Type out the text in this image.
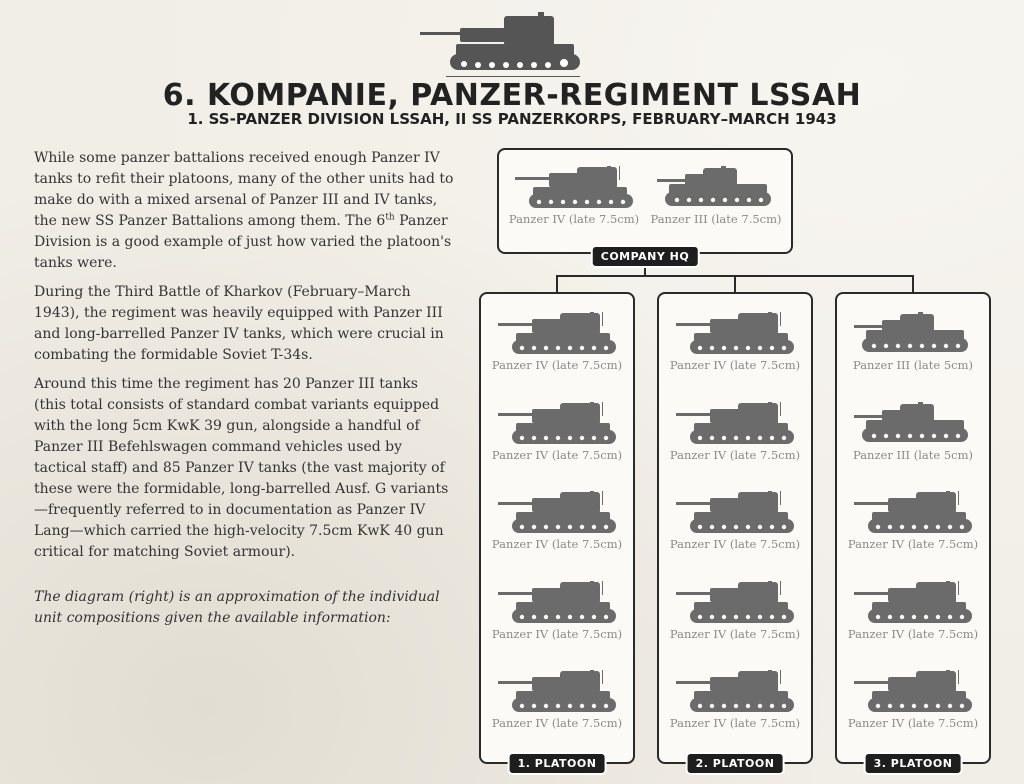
6. KOMPANIE, PANZER-REGIMENT LSSAH
1. SS-PANZER DIVISION LSSAH, II SS PANZERKORPS, FEBRUARY–MARCH 1943

While some panzer battalions received enough Panzer IV tanks to refit their platoons, many of the other units had to make do with a mixed arsenal of Panzer III and IV tanks, the new SS Panzer Battalions among them. The 6th Panzer Division is a good example of just how varied the platoon's tanks were.

During the Third Battle of Kharkov (February–March 1943), the regiment was heavily equipped with Panzer III and long-barrelled Panzer IV tanks, which were crucial in combating the formidable Soviet T-34s.

Around this time the regiment has 20 Panzer III tanks (this total consists of standard combat variants equipped with the long 5cm KwK 39 gun, alongside a handful of Panzer III Befehlswagen command vehicles used by tactical staff) and 85 Panzer IV tanks (the vast majority of these were the formidable, long-barrelled Ausf. G variants—frequently referred to in documentation as Panzer IV Lang—which carried the high-velocity 7.5cm KwK 40 gun critical for matching Soviet armour).

The diagram (right) is an approximation of the individual unit compositions given the available information:

Panzer IV (late 7.5cm) Panzer III (late 7.5cm)
Panzer IV (late 7.5cm)
Panzer IV (late 7.5cm)
Panzer IV (late 7.5cm)
Panzer IV (late 7.5cm)
Panzer IV (late 7.5cm)
Panzer IV (late 7.5cm)
Panzer IV (late 7.5cm)
Panzer IV (late 7.5cm)
Panzer IV (late 7.5cm)
Panzer IV (late 7.5cm)
Panzer III (late 5cm)
Panzer III (late 5cm)
Panzer IV (late 7.5cm)
Panzer IV (late 7.5cm)
Panzer IV (late 7.5cm)
COMPANY HQ
1. PLATOON	2. PLATOON	3. PLATOON
